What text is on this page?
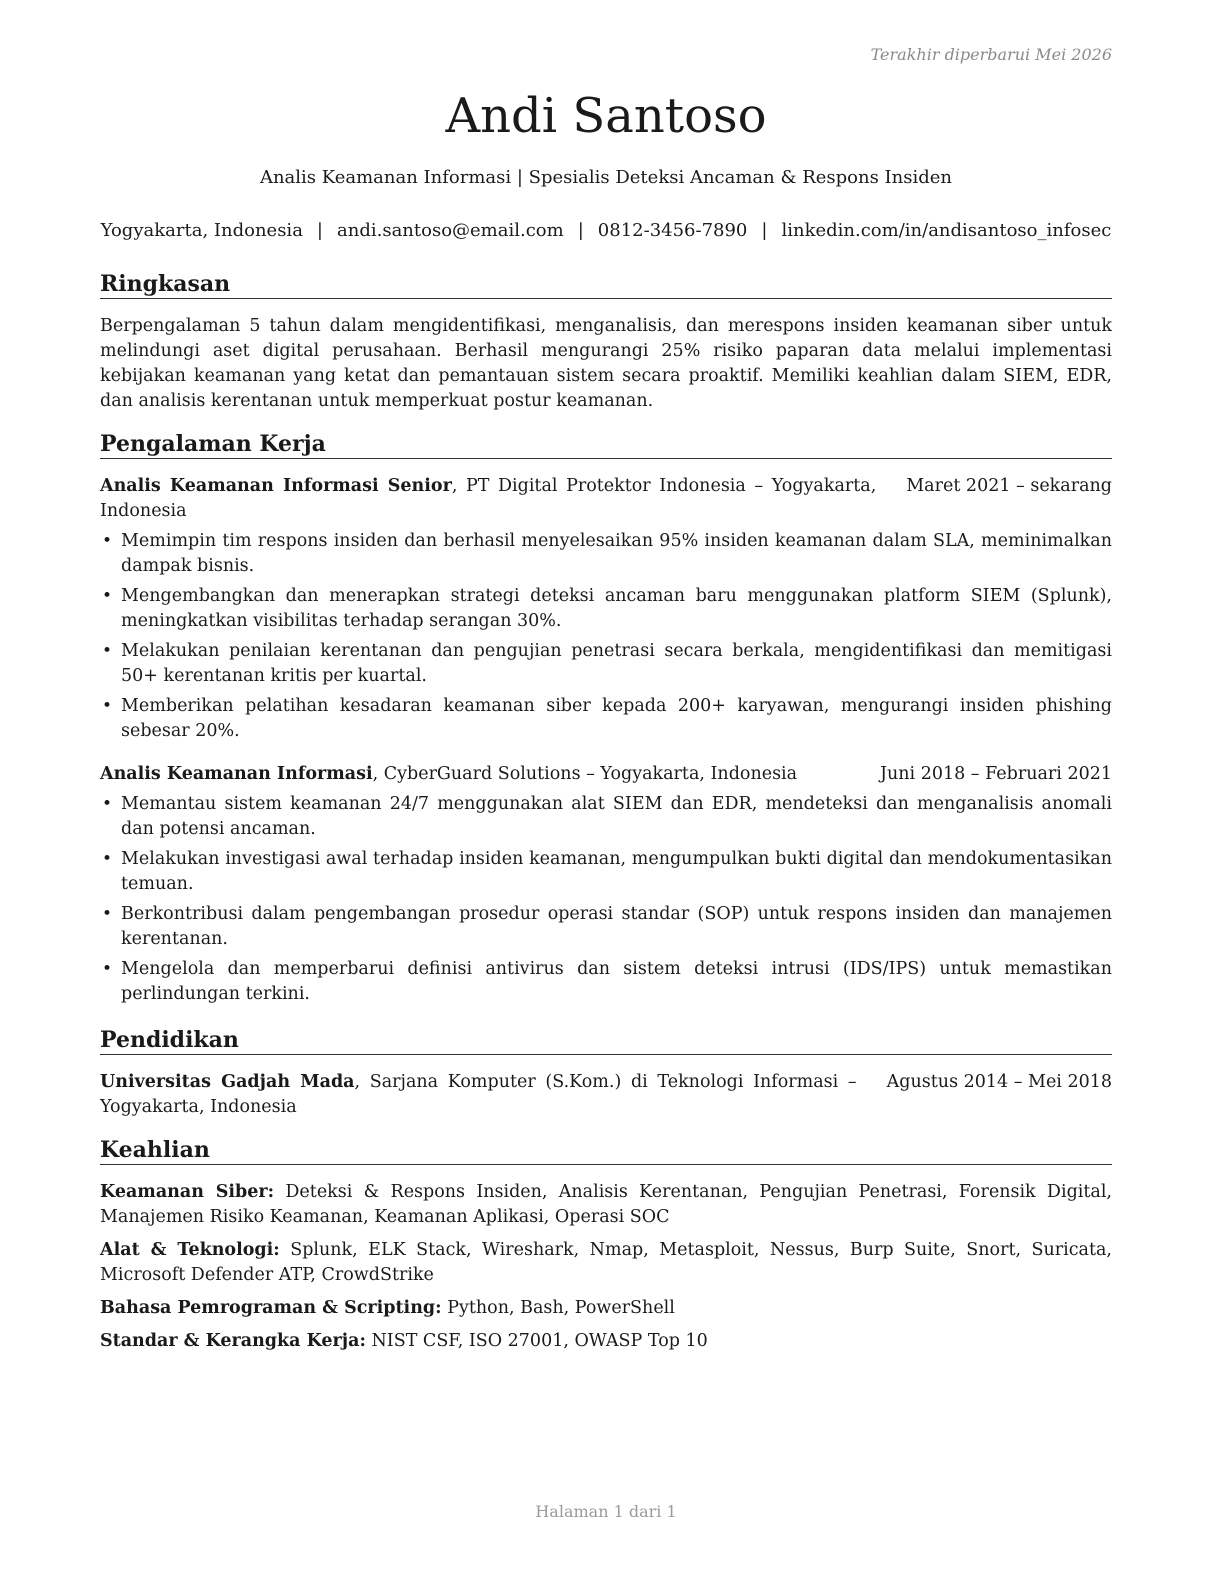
Terakhir diperbarui Mei 2026
Andi Santoso
Analis Keamanan Informasi | Spesialis Deteksi Ancaman & Respons Insiden
Yogyakarta, Indonesia | andi.santoso@email.com | 0812-3456-7890 | linkedin.com/in/andisantoso_infosec
Ringkasan

Berpengalaman 5 tahun dalam mengidentifikasi, menganalisis, dan merespons insiden keamanan siber untuk melindungi aset digital perusahaan. Berhasil mengurangi 25% risiko paparan data melalui implementasi kebijakan keamanan yang ketat dan pemantauan sistem secara proaktif. Memiliki keahlian dalam SIEM, EDR, dan analisis kerentanan untuk memperkuat postur keamanan.

Pengalaman Kerja
Maret 2021 – sekarang
Analis Keamanan Informasi Senior, PT Digital Protektor Indonesia – Yogyakarta, Indonesia
• Memimpin tim respons insiden dan berhasil menyelesaikan 95% insiden keamanan dalam SLA, meminimalkan dampak bisnis.
• Mengembangkan dan menerapkan strategi deteksi ancaman baru menggunakan platform SIEM (Splunk), meningkatkan visibilitas terhadap serangan 30%.
• Melakukan penilaian kerentanan dan pengujian penetrasi secara berkala, mengidentifikasi dan memitigasi 50+ kerentanan kritis per kuartal.
• Memberikan pelatihan kesadaran keamanan siber kepada 200+ karyawan, mengurangi insiden phishing sebesar 20%.
Juni 2018 – Februari 2021
Analis Keamanan Informasi, CyberGuard Solutions – Yogyakarta, Indonesia
• Memantau sistem keamanan 24/7 menggunakan alat SIEM dan EDR, mendeteksi dan menganalisis anomali dan potensi ancaman.
• Melakukan investigasi awal terhadap insiden keamanan, mengumpulkan bukti digital dan mendokumentasikan temuan.
• Berkontribusi dalam pengembangan prosedur operasi standar (SOP) untuk respons insiden dan manajemen kerentanan.
• Mengelola dan memperbarui definisi antivirus dan sistem deteksi intrusi (IDS/IPS) untuk memastikan perlindungan terkini.
Pendidikan
Agustus 2014 – Mei 2018
Universitas Gadjah Mada, Sarjana Komputer (S.Kom.) di Teknologi Informasi – Yogyakarta, Indonesia
Keahlian
Keamanan Siber: Deteksi & Respons Insiden, Analisis Kerentanan, Pengujian Penetrasi, Forensik Digital, Manajemen Risiko Keamanan, Keamanan Aplikasi, Operasi SOC
Alat & Teknologi: Splunk, ELK Stack, Wireshark, Nmap, Metasploit, Nessus, Burp Suite, Snort, Suricata, Microsoft Defender ATP, CrowdStrike
Bahasa Pemrograman & Scripting: Python, Bash, PowerShell
Standar & Kerangka Kerja: NIST CSF, ISO 27001, OWASP Top 10
Halaman 1 dari 1
